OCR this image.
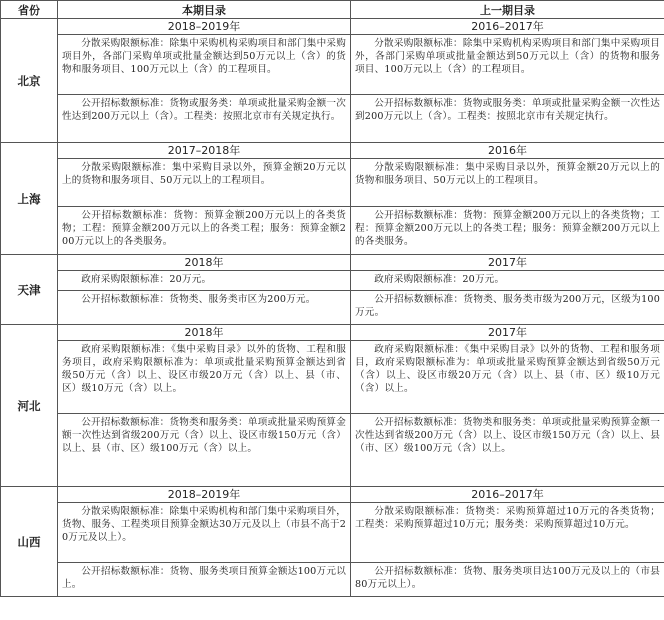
省份	本期目录	上一期目录
北京	2018–2019年	2016–2017年
	分散采购限额标准：除集中采购机构采购项目和部门集中采购项目外，各部门采购单项或批量金额达到50万元以上（含）的货物和服务项目、100万元以上（含）的工程项目。	分散采购限额标准：除集中采购机构采购项目和部门集中采购项目外，各部门采购单项或批量金额达到50万元以上（含）的货物和服务项目、100万元以上（含）的工程项目。
	公开招标数额标准：货物或服务类：单项或批量采购金额一次性达到200万元以上（含）。工程类：按照北京市有关规定执行。	公开招标数额标准：货物或服务类：单项或批量采购金额一次性达到200万元以上（含）。工程类：按照北京市有关规定执行。
上海	2017–2018年	2016年
	分散采购限额标准：集中采购目录以外，预算金额20万元以上的货物和服务项目、50万元以上的工程项目。	分散采购限额标准：集中采购目录以外，预算金额20万元以上的货物和服务项目、50万元以上的工程项目。
	公开招标数额标准：货物：预算金额200万元以上的各类货物；工程：预算金额200万元以上的各类工程；服务：预算金额200万元以上的各类服务。	公开招标数额标准：货物：预算金额200万元以上的各类货物；工程：预算金额200万元以上的各类工程；服务：预算金额200万元以上的各类服务。
天津	2018年	2017年
	政府采购限额标准：20万元。	政府采购限额标准：20万元。
	公开招标数额标准：货物类、服务类市区为200万元。	公开招标数额标准：货物类、服务类市级为200万元，区级为100万元。
河北	2018年	2017年
	政府采购限额标准：《集中采购目录》以外的货物、工程和服务项目，政府采购限额标准为：单项或批量采购预算金额达到省级50万元（含）以上、设区市级20万元（含）以上、县（市、区）级10万元（含）以上。	政府采购限额标准：《集中采购目录》以外的货物、工程和服务项目，政府采购限额标准为：单项或批量采购预算金额达到省级50万元（含）以上、设区市级20万元（含）以上、县（市、区）级10万元（含）以上。
	公开招标数额标准：货物类和服务类：单项或批量采购预算金额一次性达到省级200万元（含）以上、设区市级150万元（含）以上、县（市、区）级100万元（含）以上。	公开招标数额标准：货物类和服务类：单项或批量采购预算金额一次性达到省级200万元（含）以上、设区市级150万元（含）以上、县（市、区）级100万元（含）以上。
山西	2018–2019年	2016–2017年
	分散采购限额标准：除集中采购机构和部门集中采购项目外，货物、服务、工程类项目预算金额达30万元及以上（市县不高于20万元及以上）。	分散采购限额标准：货物类：采购预算超过10万元的各类货物；工程类：采购预算超过10万元；服务类：采购预算超过10万元。
	公开招标数额标准：货物、服务类项目预算金额达100万元以上。	公开招标数额标准：货物、服务类项目达100万元及以上的（市县80万元以上）。
